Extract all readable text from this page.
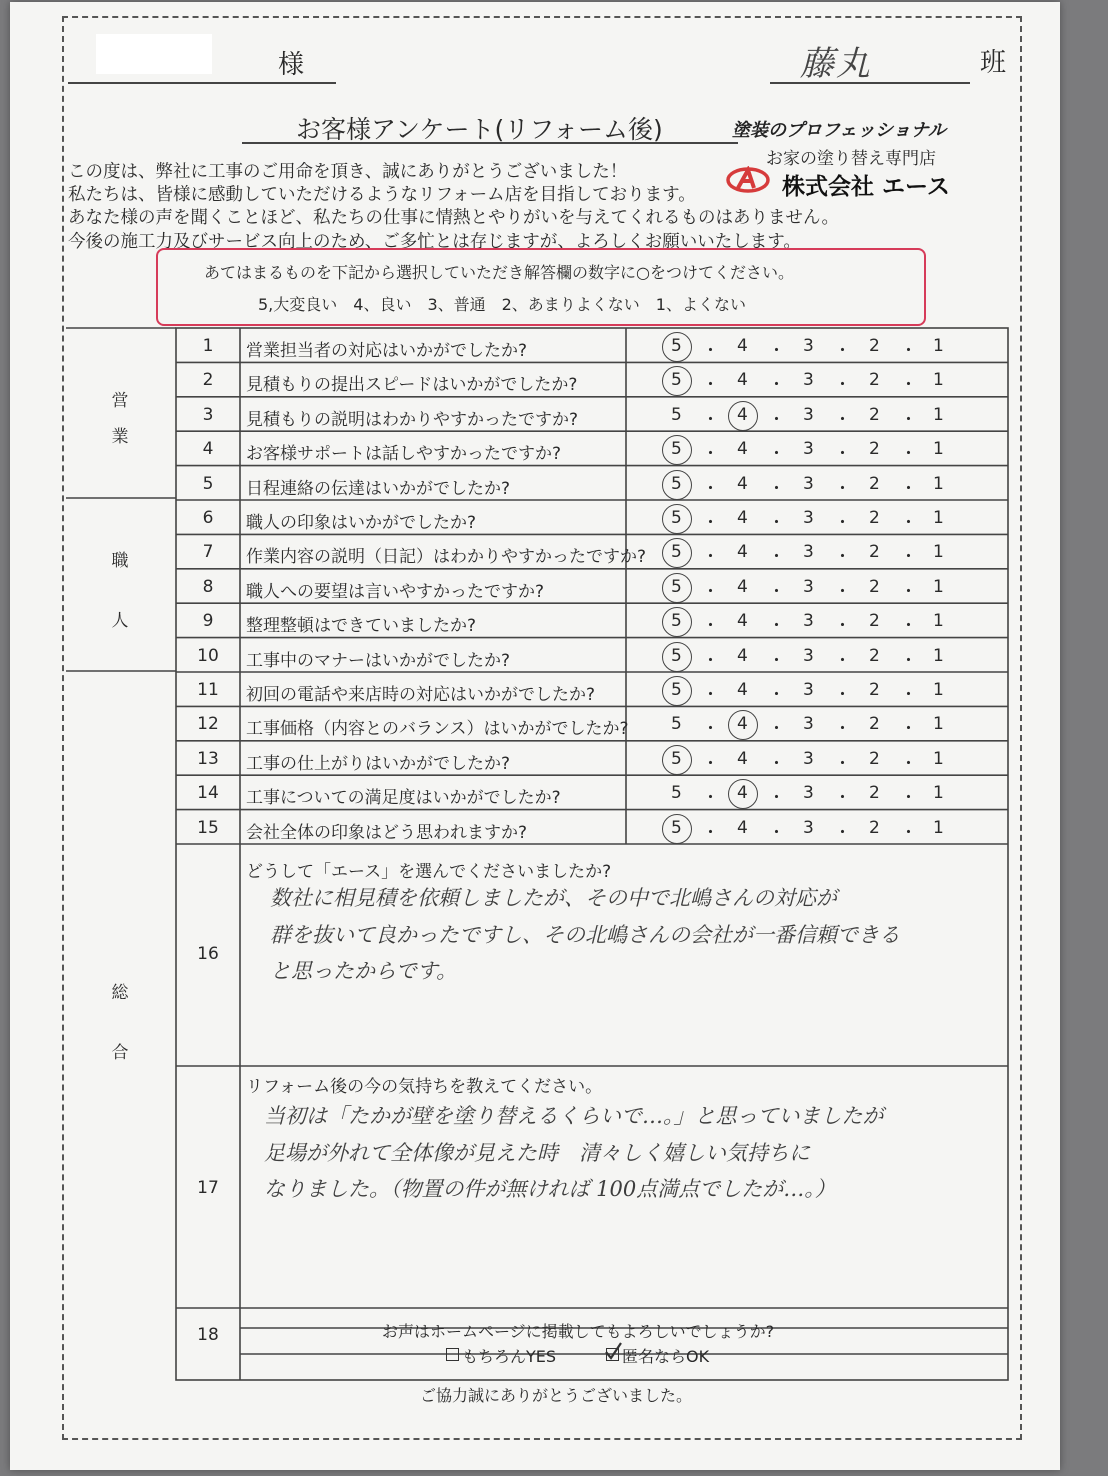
様	藤丸	班
お客様アンケート(リフォーム後)	塗装のプロフェッショナル
お家の塗り替え専門店
株式会社 エース
この度は、弊社に工事のご用命を頂き、誠にありがとうございました！
私たちは、皆様に感動していただけるようなリフォーム店を目指しております。
あなた様の声を聞くことほど、私たちの仕事に情熱とやりがいを与えてくれるものはありません。
今後の施工力及びサービス向上のため、ご多忙とは存じますが、よろしくお願いいたします。
あてはまるものを下記から選択していただき解答欄の数字に○をつけてください。
5,大変良い　4、良い　3、普通　2、あまりよくない　1、よくない
1	営業担当者の対応はいかがでしたか?	5 ・ 4 ・ 3 ・ 2 ・ 1
2	見積もりの提出スピードはいかがでしたか?	5 ・ 4 ・ 3 ・ 2 ・ 1
3	見積もりの説明はわかりやすかったですか?	5 ・ 4 ・ 3 ・ 2 ・ 1
4	お客様サポートは話しやすかったですか?	5 ・ 4 ・ 3 ・ 2 ・ 1
5	日程連絡の伝達はいかがでしたか?	5 ・ 4 ・ 3 ・ 2 ・ 1
6	職人の印象はいかがでしたか?	5 ・ 4 ・ 3 ・ 2 ・ 1
7	作業内容の説明（日記）はわかりやすかったですか? 5 ・ 4 ・ 3 ・ 2 ・ 1
8	職人への要望は言いやすかったですか?	5 ・ 4 ・ 3 ・ 2 ・ 1
9	整理整頓はできていましたか?	5 ・ 4 ・ 3 ・ 2 ・ 1
10	工事中のマナーはいかがでしたか?	5 ・ 4 ・ 3 ・ 2 ・ 1
11	初回の電話や来店時の対応はいかがでしたか?	5 ・ 4 ・ 3 ・ 2 ・ 1
12	工事価格（内容とのバランス）はいかがでしたか? 5 ・ 4 ・ 3 ・ 2 ・ 1
13	工事の仕上がりはいかがでしたか?	5 ・ 4 ・ 3 ・ 2 ・ 1
14	工事についての満足度はいかがでしたか?	5 ・ 4 ・ 3 ・ 2 ・ 1
15	会社全体の印象はどう思われますか?	5 ・ 4 ・ 3 ・ 2 ・ 1
営
業
職
人
総
合
どうして「エース」を選んでくださいましたか?
16
数社に相見積を依頼しましたが、その中で北嶋さんの対応が
群を抜いて良かったですし、その北嶋さんの会社が一番信頼できる
と思ったからです。
リフォーム後の今の気持ちを教えてください。
17
当初は「たかが壁を塗り替えるくらいで…。」と思っていましたが
足場が外れて全体像が見えた時　清々しく嬉しい気持ちに
なりました。（物置の件が無ければ 100点満点でしたが…。）
18	お声はホームページに掲載してもよろしいでしょうか?
もちろんYES	匿名ならOK
ご協力誠にありがとうございました。
